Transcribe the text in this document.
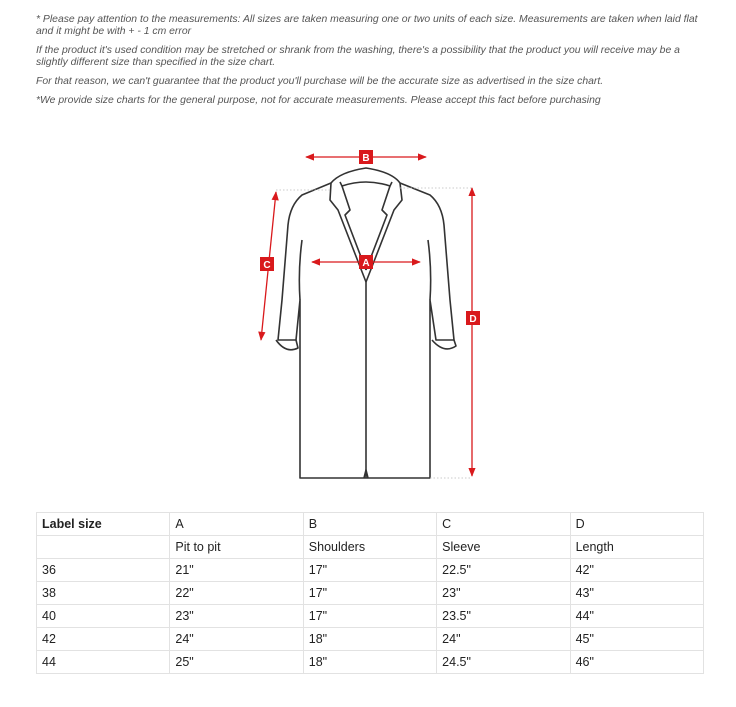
* Please pay attention to the measurements: All sizes are taken measuring one or two units of each size. Measurements are taken when laid flat and it might be with + - 1 cm error

If the product it's used condition may be stretched or shrank from the washing, there's a possibility that the product you will receive may be a slightly different size than specified in the size chart.

For that reason, we can't guarantee that the product you'll purchase will be the accurate size as advertised in the size chart.

*We provide size charts for the general purpose, not for accurate measurements. Please accept this fact before purchasing

B
A
C
D
Label size	A	B	C	D
	Pit to pit	Shoulders	Sleeve	Length
36	21"	17"	22.5"	42"
38	22"	17"	23"	43"
40	23"	17"	23.5"	44"
42	24"	18"	24"	45"
44	25"	18"	24.5"	46"
